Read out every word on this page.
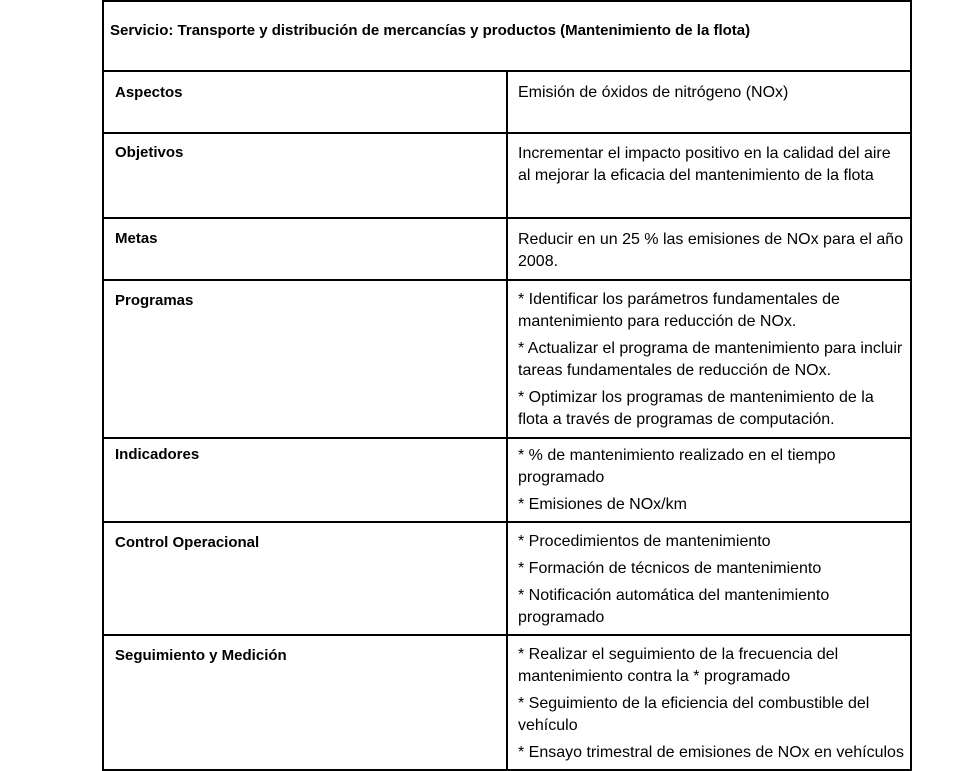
Servicio: Transporte y distribución de mercancías y productos (Mantenimiento de la flota)	
Aspectos	Emisión de óxidos de nitrógeno (NOx)

Objetivos	Incrementar el impacto positivo en la calidad del aire al mejorar la eficacia del mantenimiento de la flota

Metas	Reducir en un 25 % las emisiones de NOx para el año 2008.

Programas	* Identificar los parámetros fundamentales de mantenimiento para reducción de NOx.

* Actualizar el programa de mantenimiento para incluir tareas fundamentales de reducción de NOx.

* Optimizar los programas de mantenimiento de la flota a través de programas de computación.

Indicadores	* % de mantenimiento realizado en el tiempo programado

* Emisiones de NOx/km

Control Operacional	* Procedimientos de mantenimiento

* Formación de técnicos de mantenimiento

* Notificación automática del mantenimiento programado

Seguimiento y Medición	* Realizar el seguimiento de la frecuencia del mantenimiento contra la * programado

* Seguimiento de la eficiencia del combustible del vehículo

* Ensayo trimestral de emisiones de NOx en vehículos
